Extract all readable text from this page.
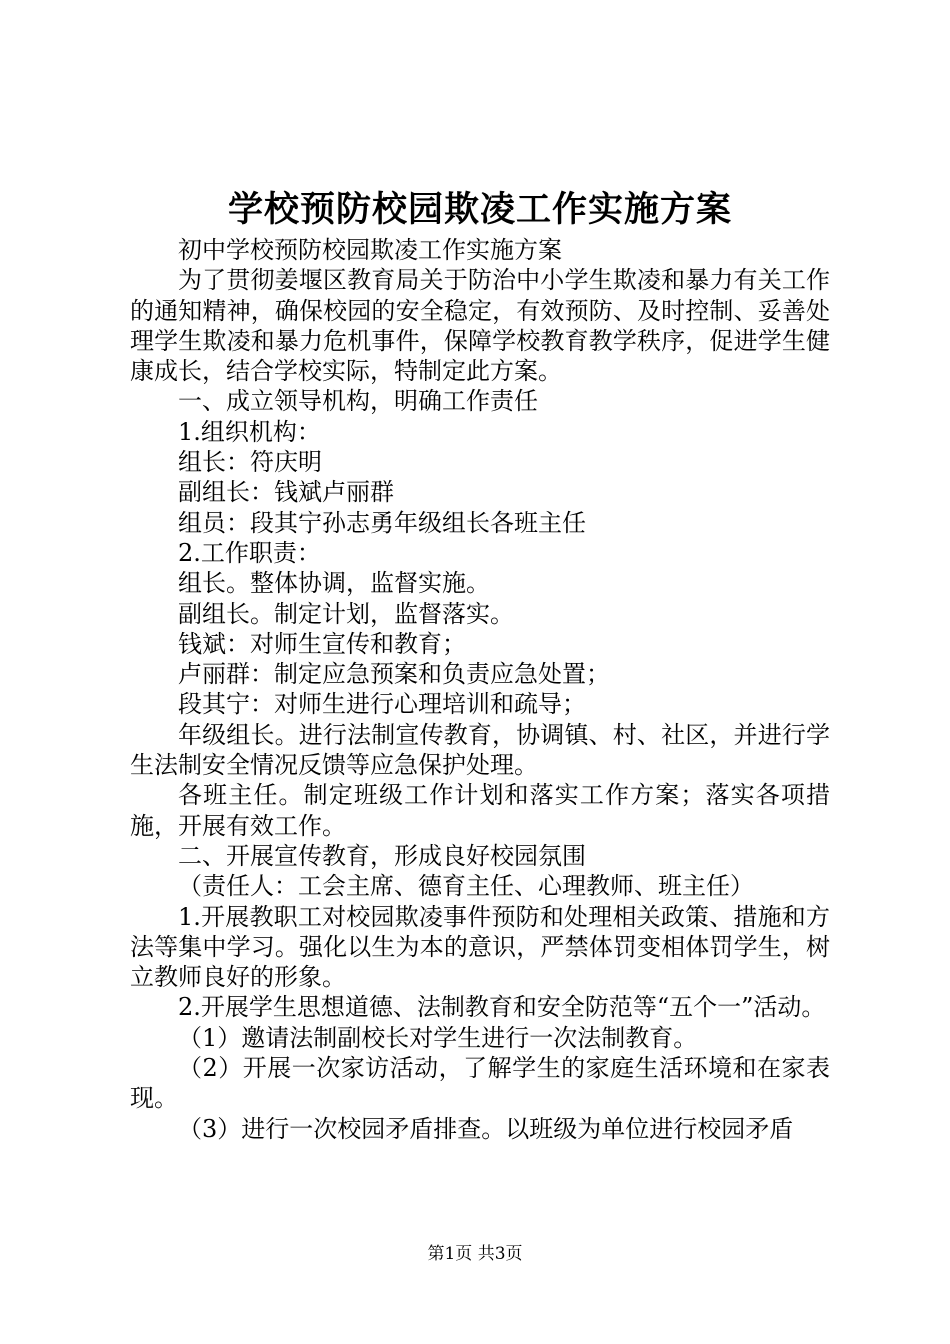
学校预防校园欺凌工作实施方案

初中学校预防校园欺凌工作实施方案

为了贯彻姜堰区教育局关于防治中小学生欺凌和暴力有关工作的通知精神，确保校园的安全稳定，有效预防、及时控制、妥善处理学生欺凌和暴力危机事件，保障学校教育教学秩序，促进学生健康成长，结合学校实际，特制定此方案。

一、成立领导机构，明确工作责任

1.组织机构：

组长：符庆明

副组长：钱斌卢丽群

组员：段其宁孙志勇年级组长各班主任

2.工作职责：

组长。整体协调，监督实施。

副组长。制定计划，监督落实。

钱斌：对师生宣传和教育；

卢丽群：制定应急预案和负责应急处置；

段其宁：对师生进行心理培训和疏导；

年级组长。进行法制宣传教育，协调镇、村、社区，并进行学生法制安全情况反馈等应急保护处理。

各班主任。制定班级工作计划和落实工作方案；落实各项措施，开展有效工作。

二、开展宣传教育，形成良好校园氛围

（责任人：工会主席、德育主任、心理教师、班主任）

1.开展教职工对校园欺凌事件预防和处理相关政策、措施和方法等集中学习。强化以生为本的意识，严禁体罚变相体罚学生，树立教师良好的形象。

2.开展学生思想道德、法制教育和安全防范等“五个一”活动。

（1）邀请法制副校长对学生进行一次法制教育。

（2）开展一次家访活动，了解学生的家庭生活环境和在家表现。

（3）进行一次校园矛盾排查。以班级为单位进行校园矛盾

第1页 共3页
